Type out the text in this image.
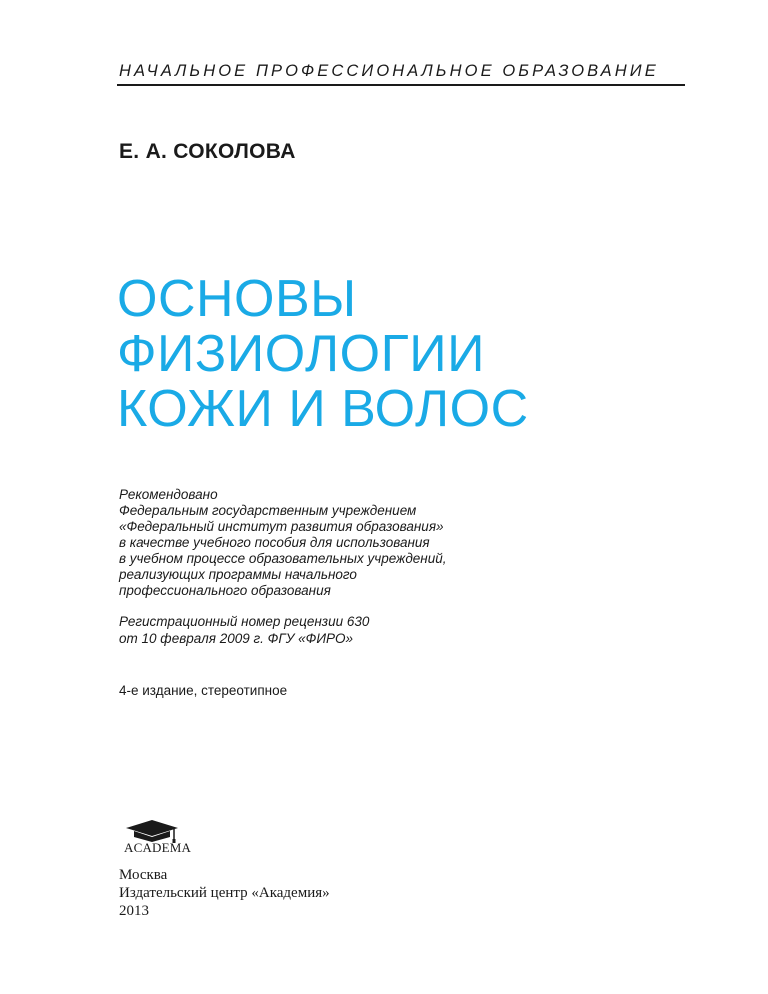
НАЧАЛЬНОЕ ПРОФЕССИОНАЛЬНОЕ ОБРАЗОВАНИЕ
Е. А. СОКОЛОВА
ОСНОВЫ
ФИЗИОЛОГИИ
КОЖИ И ВОЛОС
Рекомендовано
Федеральным государственным учреждением
«Федеральный институт развития образования»
в качестве учебного пособия для использования
в учебном процессе образовательных учреждений,
реализующих программы начального
профессионального образования
Регистрационный номер рецензии 630
от 10 февраля 2009 г. ФГУ «ФИРО»
4-е издание, стереотипное
ACADEMA
Москва
Издательский центр «Академия»
2013
